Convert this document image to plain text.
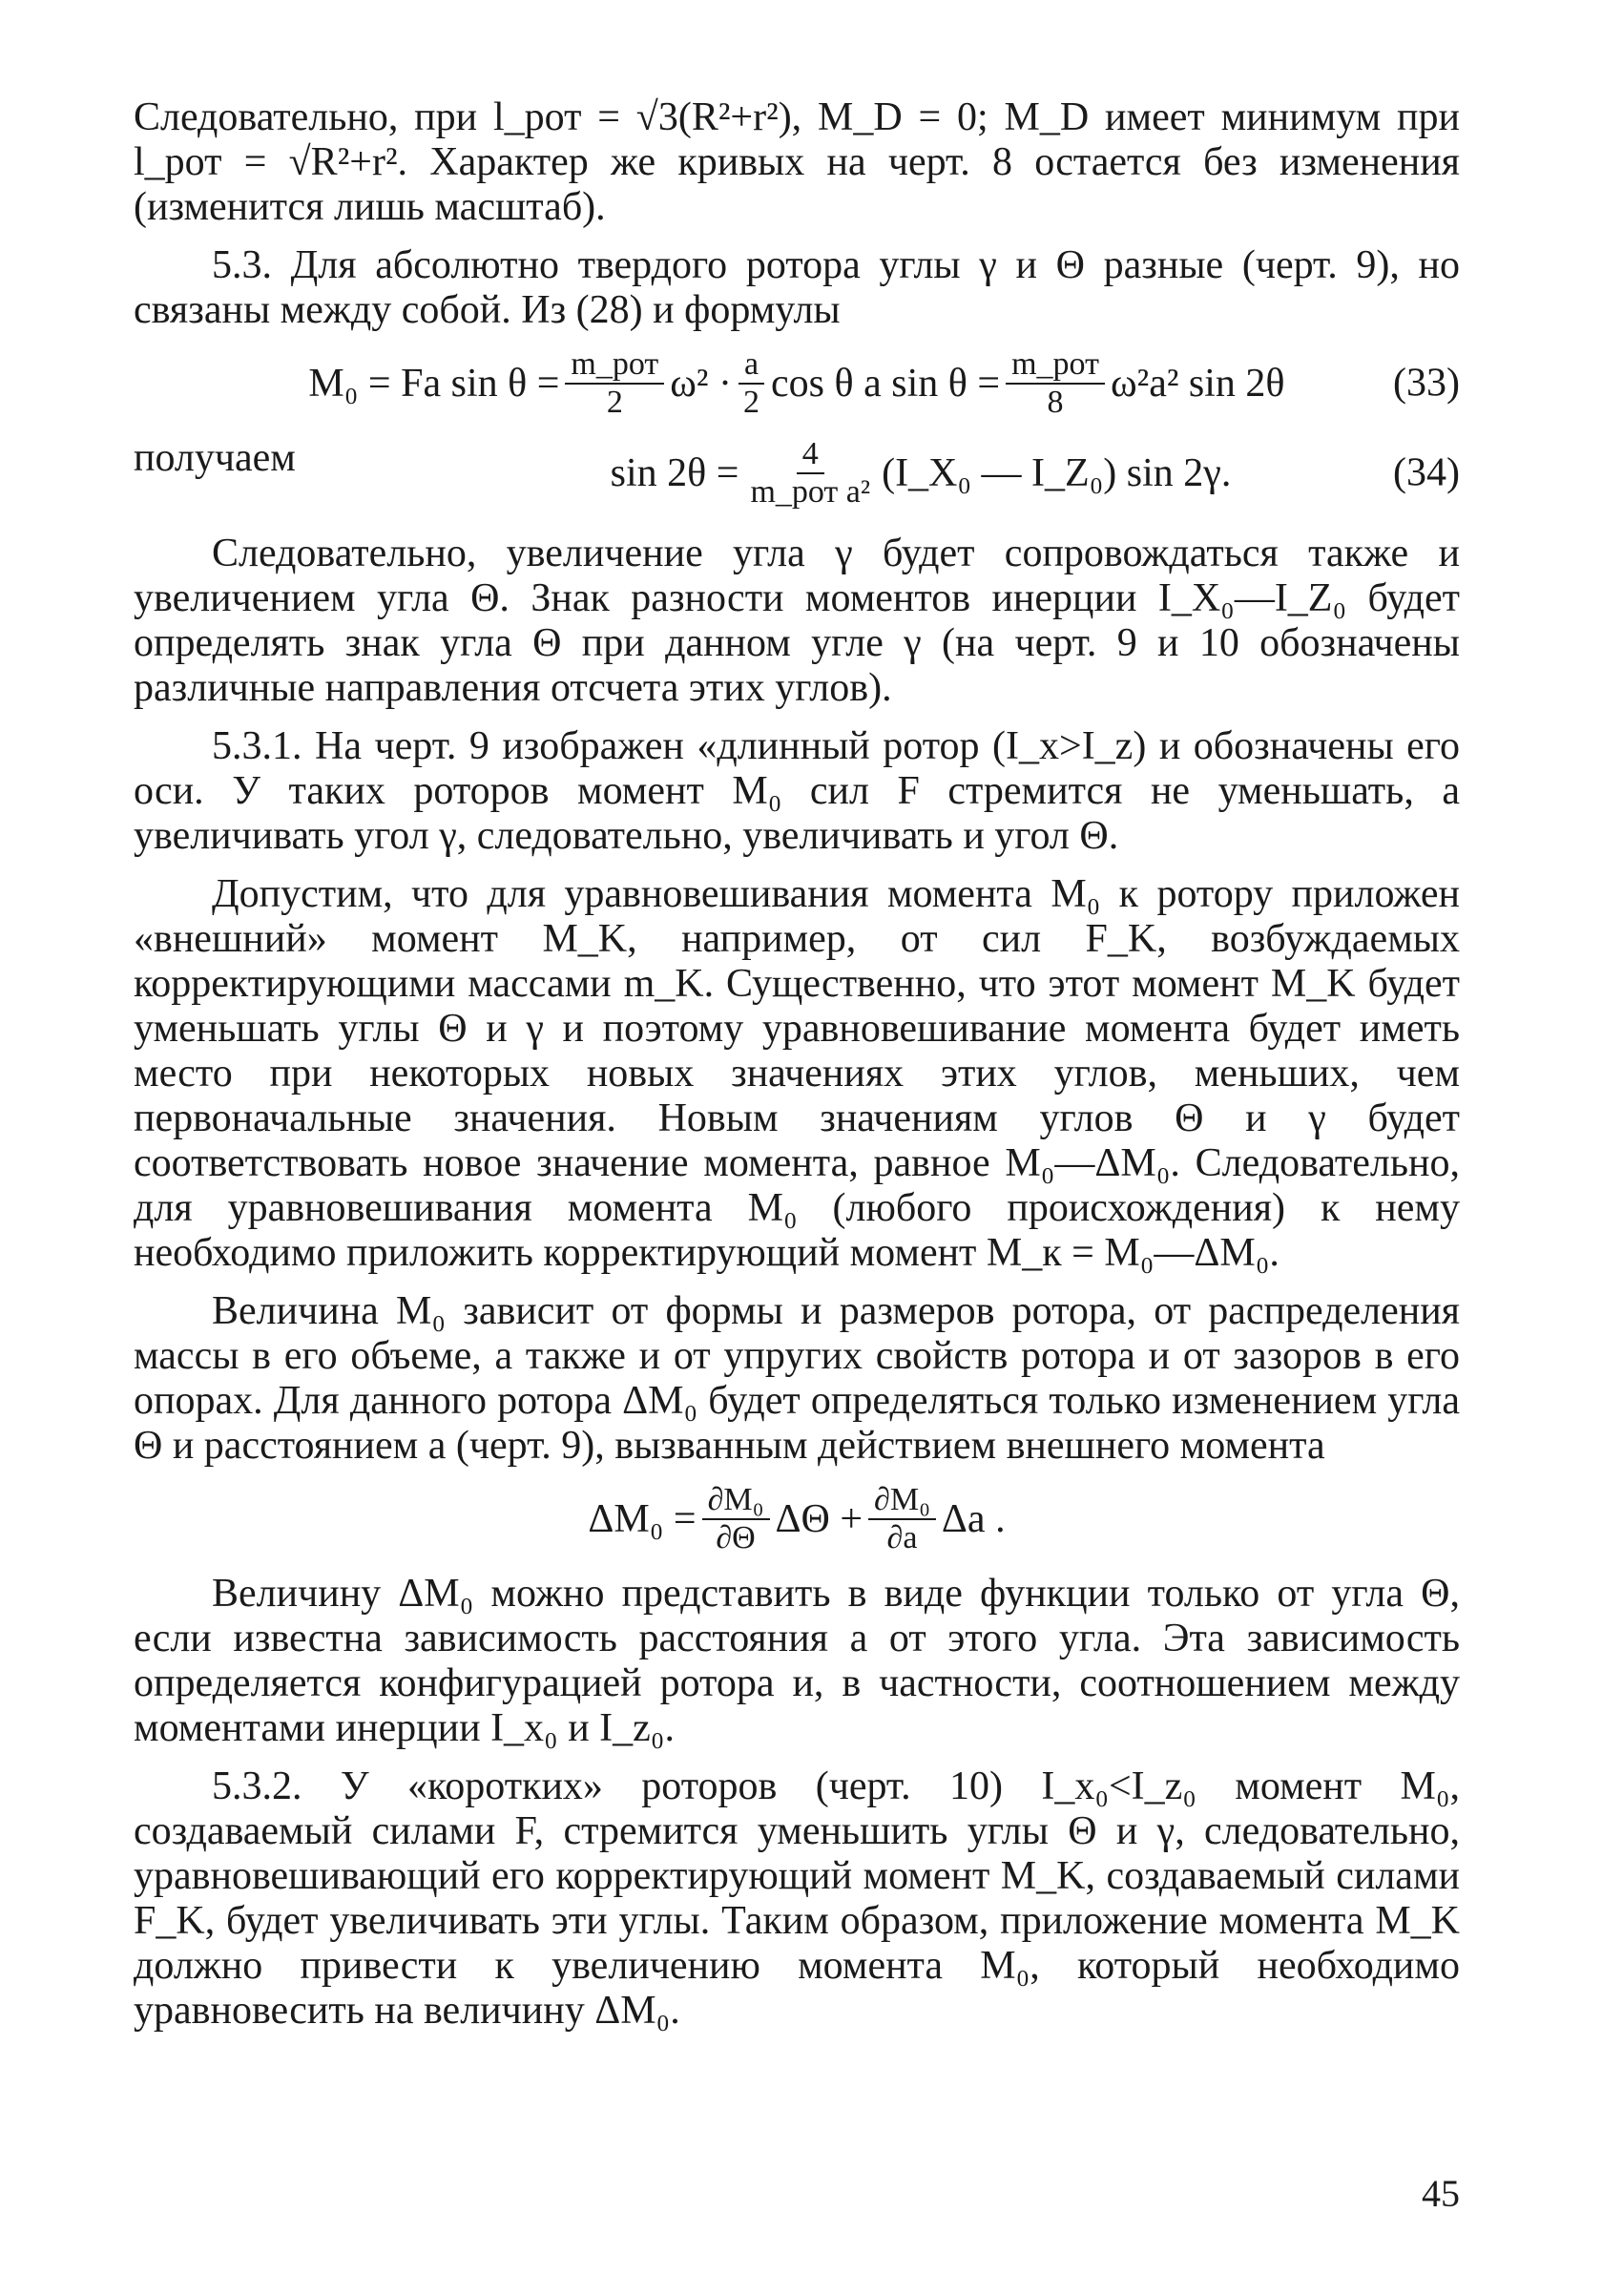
Следовательно, при l_рот = √3(R²+r²), M_D = 0; M_D имеет минимум при l_рот = √R²+r². Характер же кривых на черт. 8 остается без изменения (изменится лишь масштаб).

5.3. Для абсолютно твердого ротора углы γ и Θ разные (черт. 9), но связаны между собой. Из (28) и формулы

M₀ = Fa $\sin \theta = \frac{\text{m\_рот}}{2} \omega^2 \cdot \frac{a}{2}$ cos θ a $\sin \theta = \frac{\text{m\_рот}}{8} \omega^2a^2$ sin 2θ	(33)
получаем	$\sin 2\theta = \frac{4}{\text{m\_рот a²}}$ (I_X₀ — I_Z₀) sin 2γ.	(34)

Следовательно, увеличение угла γ будет сопровождаться также и увеличением угла Θ. Знак разности моментов инерции I_X₀—I_Z₀ будет определять знак угла Θ при данном угле γ (на черт. 9 и 10 обозначены различные направления отсчета этих углов).

5.3.1. На черт. 9 изображен «длинный ротор (I_x>I_z) и обозначены его оси. У таких роторов момент M₀ сил F стремится не уменьшать, а увеличивать угол γ, следовательно, увеличивать и угол Θ.

Допустим, что для уравновешивания момента M₀ к ротору приложен «внешний» момент M_K, например, от сил F_K, возбуждаемых корректирующими массами m_K. Существенно, что этот момент M_K будет уменьшать углы Θ и γ и поэтому уравновешивание момента будет иметь место при некоторых новых значениях этих углов, меньших, чем первоначальные значения. Новым значениям углов Θ и γ будет соответствовать новое значение момента, равное M₀—ΔM₀. Следовательно, для уравновешивания момента M₀ (любого происхождения) к нему необходимо приложить корректирующий момент M_к = M₀—ΔM₀.

Величина M₀ зависит от формы и размеров ротора, от распределения массы в его объеме, а также и от упругих свойств ротора и от зазоров в его опорах. Для данного ротора ΔM₀ будет определяться только изменением угла Θ и расстоянием a (черт. 9), вызванным действием внешнего момента

$\Delta M_0 = \frac{\text{∂M₀}}{\partial\Theta}$ $\Delta\Theta + \frac{\text{∂M₀}}{\partial a}$ Δa .

Величину ΔM₀ можно представить в виде функции только от угла Θ, если известна зависимость расстояния a от этого угла. Эта зависимость определяется конфигурацией ротора и, в частности, соотношением между моментами инерции I_x₀ и I_z₀.

5.3.2. У «коротких» роторов (черт. 10) I_x₀<I_z₀ момент M₀, создаваемый силами F, стремится уменьшить углы Θ и γ, следовательно, уравновешивающий его корректирующий момент M_K, создаваемый силами F_K, будет увеличивать эти углы. Таким образом, приложение момента M_K должно привести к увеличению момента M₀, который необходимо уравновесить на величину ΔM₀.

45
